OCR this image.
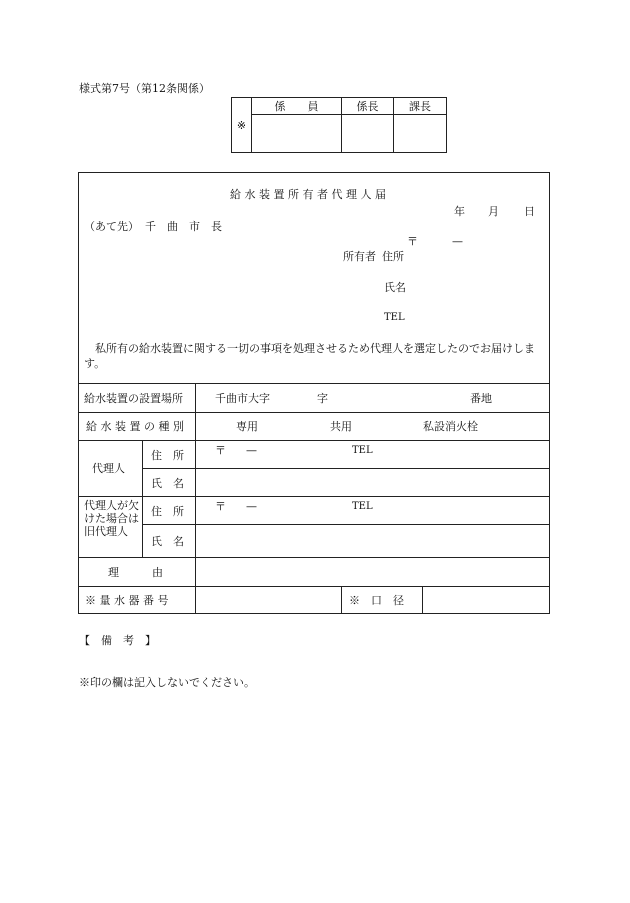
様式第7号（第12条関係）
※	係　　員	係長	課長

給 水 装 置 所 有 者 代 理 人 届
年 月 日
（あて先） 千　曲　市　長
〒	—
所有者 住所
氏名
TEL
　私所有の給水装置に関する一切の事項を処理させるため代理人を選定したのでお届けします。
給水装置の設置場所	千曲市大字	字	番地
給 水 装 置 の 種 別	専用	共用	私設消火栓
代理人
住　所	〒 —	TEL
氏　名
代理人が欠けた場合は旧代理人
住　所	〒 —	TEL
氏　名
理　　　由
※ 量 水 器 番 号	※　口　径
【　備　考　】
※印の欄は記入しないでください。
